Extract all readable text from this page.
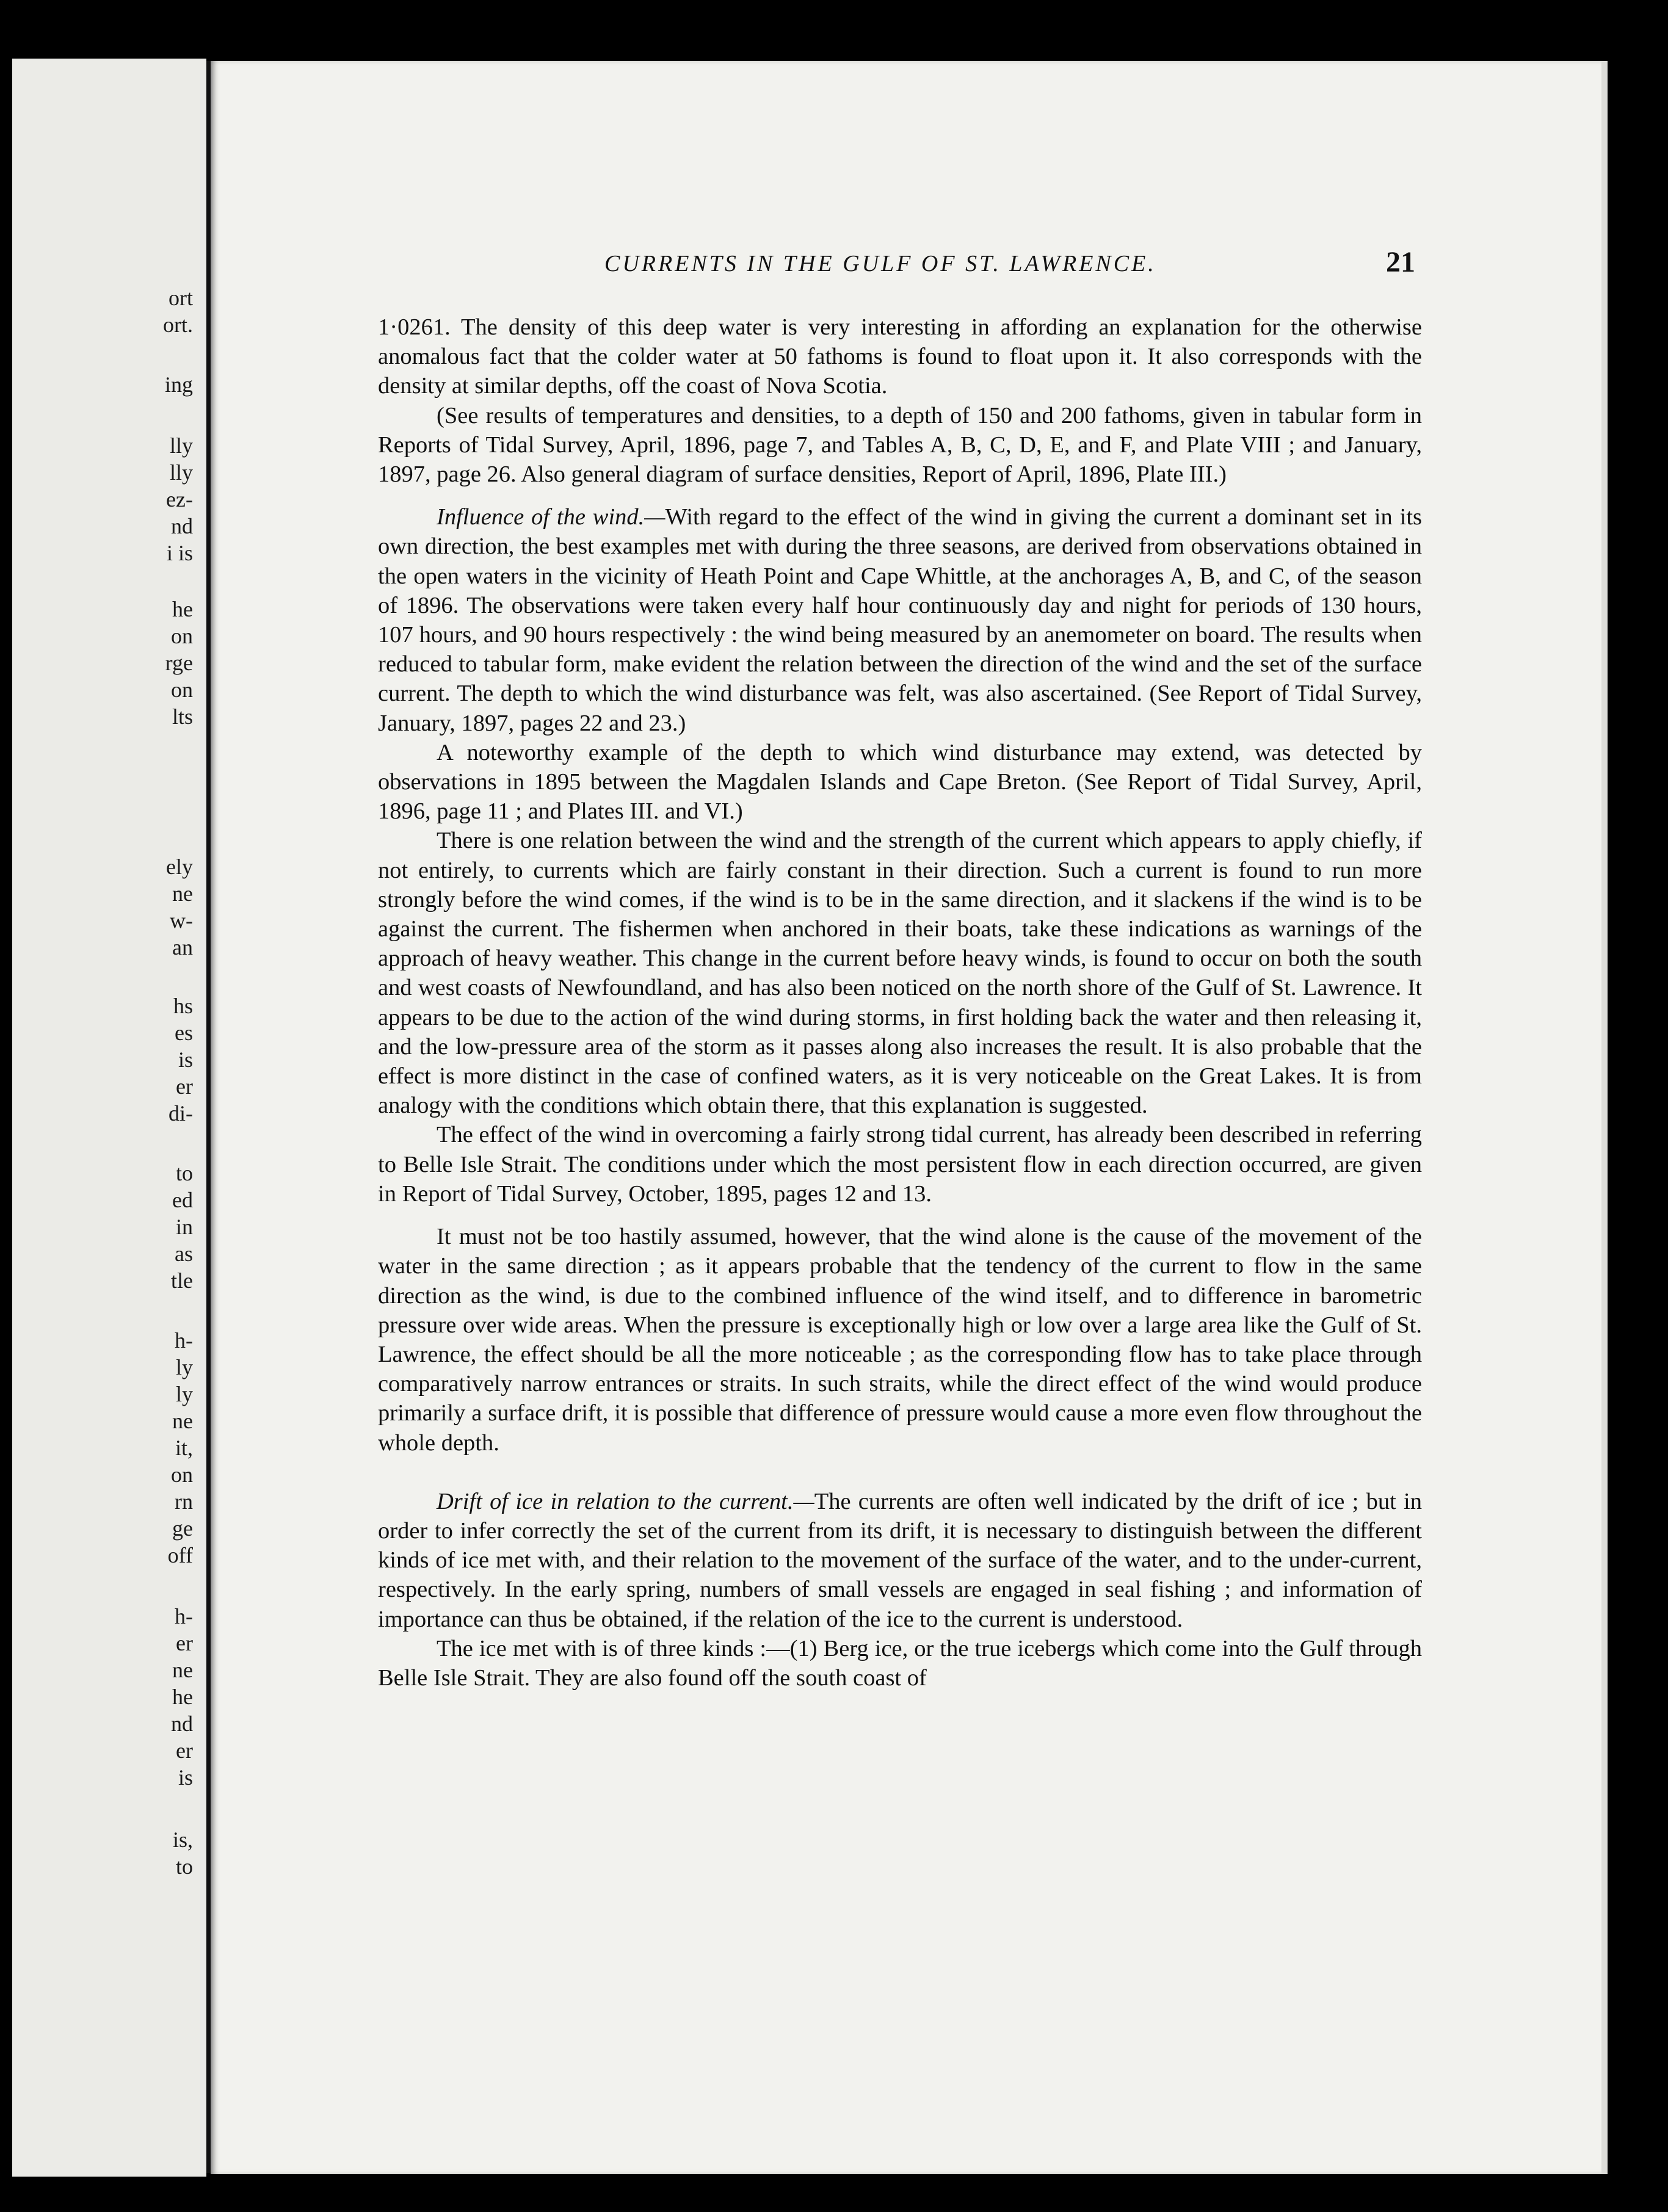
ort
ort.
ing
lly
lly
ez-
nd
i is
he
on
rge
on
lts
ely
ne
w-
an
hs
es
is
er
di-
to
ed
in
as
tle
h-
ly
ly
ne
it,
on
rn
ge
off
h-
er
ne
he
nd
er
is
is,
to
CURRENTS IN THE GULF OF ST. LAWRENCE.	21

1·0261. The density of this deep water is very interesting in affording an explanation for the otherwise anomalous fact that the colder water at 50 fathoms is found to float upon it. It also corresponds with the density at similar depths, off the coast of Nova Scotia.

(See results of temperatures and densities, to a depth of 150 and 200 fathoms, given in tabular form in Reports of Tidal Survey, April, 1896, page 7, and Tables A, B, C, D, E, and F, and Plate VIII ; and January, 1897, page 26. Also general diagram of surface densities, Report of April, 1896, Plate III.)

Influence of the wind.—With regard to the effect of the wind in giving the current a dominant set in its own direction, the best examples met with during the three seasons, are derived from observations obtained in the open waters in the vicinity of Heath Point and Cape Whittle, at the anchorages A, B, and C, of the season of 1896. The observations were taken every half hour continuously day and night for periods of 130 hours, 107 hours, and 90 hours respectively : the wind being measured by an anemometer on board. The results when reduced to tabular form, make evident the relation between the direction of the wind and the set of the surface current. The depth to which the wind disturbance was felt, was also ascertained. (See Report of Tidal Survey, January, 1897, pages 22 and 23.)

A noteworthy example of the depth to which wind disturbance may extend, was detected by observations in 1895 between the Magdalen Islands and Cape Breton. (See Report of Tidal Survey, April, 1896, page 11 ; and Plates III. and VI.)

There is one relation between the wind and the strength of the current which appears to apply chiefly, if not entirely, to currents which are fairly constant in their direction. Such a current is found to run more strongly before the wind comes, if the wind is to be in the same direction, and it slackens if the wind is to be against the current. The fishermen when anchored in their boats, take these indications as warnings of the approach of heavy weather. This change in the current before heavy winds, is found to occur on both the south and west coasts of Newfoundland, and has also been noticed on the north shore of the Gulf of St. Lawrence. It appears to be due to the action of the wind during storms, in first holding back the water and then releasing it, and the low-pressure area of the storm as it passes along also increases the result. It is also probable that the effect is more distinct in the case of confined waters, as it is very noticeable on the Great Lakes. It is from analogy with the conditions which obtain there, that this explanation is suggested.

The effect of the wind in overcoming a fairly strong tidal current, has already been described in referring to Belle Isle Strait. The conditions under which the most persistent flow in each direction occurred, are given in Report of Tidal Survey, October, 1895, pages 12 and 13.

It must not be too hastily assumed, however, that the wind alone is the cause of the movement of the water in the same direction ; as it appears probable that the tendency of the current to flow in the same direction as the wind, is due to the combined influence of the wind itself, and to difference in barometric pressure over wide areas. When the pressure is exceptionally high or low over a large area like the Gulf of St. Lawrence, the effect should be all the more noticeable ; as the corresponding flow has to take place through comparatively narrow entrances or straits. In such straits, while the direct effect of the wind would produce primarily a surface drift, it is possible that difference of pressure would cause a more even flow throughout the whole depth.

Drift of ice in relation to the current.—The currents are often well indicated by the drift of ice ; but in order to infer correctly the set of the current from its drift, it is necessary to distinguish between the different kinds of ice met with, and their relation to the movement of the surface of the water, and to the under-current, respectively. In the early spring, numbers of small vessels are engaged in seal fishing ; and information of importance can thus be obtained, if the relation of the ice to the current is understood.

The ice met with is of three kinds :—(1) Berg ice, or the true icebergs which come into the Gulf through Belle Isle Strait. They are also found off the south coast of
